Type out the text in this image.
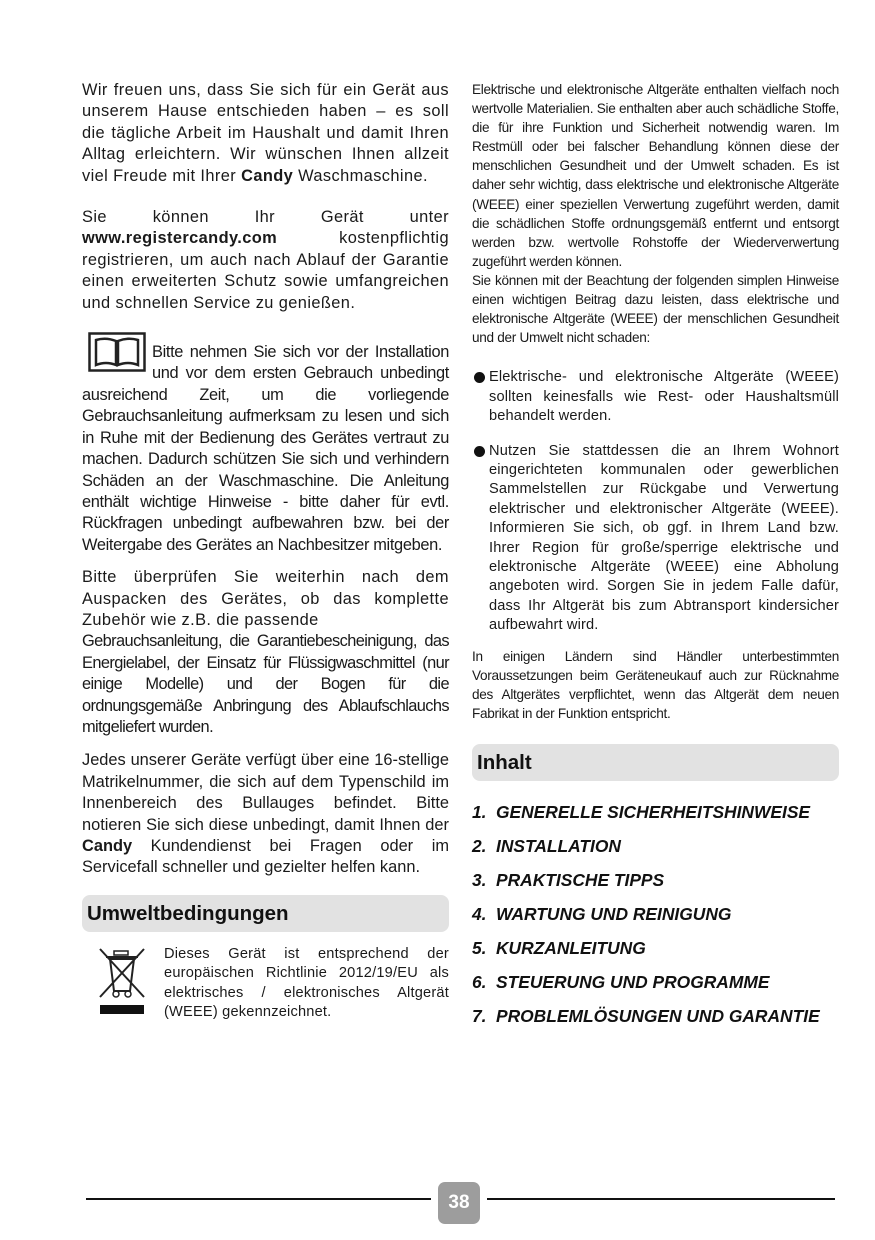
Wir freuen uns, dass Sie sich für ein Gerät aus unserem Hause entschieden haben – es soll die tägliche Arbeit im Haushalt und damit Ihren Alltag erleichtern. Wir wünschen Ihnen allzeit viel Freude mit Ihrer Candy Waschmaschine.

Sie können Ihr Gerät unter www.registercandy.com kostenpflichtig registrieren, um auch nach Ablauf der Garantie einen erweiterten Schutz sowie umfangreichen und schnellen Service zu genießen.

Bitte nehmen Sie sich vor der Installation und vor dem ersten Gebrauch unbedingt ausreichend Zeit, um die vorliegende Gebrauchsanleitung aufmerksam zu lesen und sich in Ruhe mit der Bedienung des Gerätes vertraut zu machen. Dadurch schützen Sie sich und verhindern Schäden an der Waschmaschine. Die Anleitung enthält wichtige Hinweise - bitte daher für evtl. Rückfragen unbedingt aufbewahren bzw. bei der Weitergabe des Gerätes an Nachbesitzer mitgeben.

Bitte überprüfen Sie weiterhin nach dem Auspacken des Gerätes, ob das komplette Zubehör wie z.B. die passende

Gebrauchsanleitung, die Garantiebescheinigung, das Energielabel, der Einsatz für Flüssigwaschmittel (nur einige Modelle) und der Bogen für die ordnungsgemäße Anbringung des Ablaufschlauchs mitgeliefert wurden.

Jedes unserer Geräte verfügt über eine 16-stellige Matrikelnummer, die sich auf dem Typenschild im Innenbereich des Bullauges befindet. Bitte notieren Sie sich diese unbedingt, damit Ihnen der Candy Kundendienst bei Fragen oder im Servicefall schneller und gezielter helfen kann.

Umweltbedingungen

Dieses Gerät ist entsprechend der europäischen Richtlinie 2012/19/EU als elektrisches / elektronisches Altgerät (WEEE) gekennzeichnet.

Elektrische und elektronische Altgeräte enthalten vielfach noch wertvolle Materialien. Sie enthalten aber auch schädliche Stoffe, die für ihre Funktion und Sicherheit notwendig waren. Im Restmüll oder bei falscher Behandlung können diese der menschlichen Gesundheit und der Umwelt schaden. Es ist daher sehr wichtig, dass elektrische und elektronische Altgeräte (WEEE) einer speziellen Verwertung zugeführt werden, damit die schädlichen Stoffe ordnungsgemäß entfernt und entsorgt werden bzw. wertvolle Rohstoffe der Wiederverwertung zugeführt werden können.

Sie können mit der Beachtung der folgenden simplen Hinweise einen wichtigen Beitrag dazu leisten, dass elektrische und elektronische Altgeräte (WEEE) der menschlichen Gesundheit und der Umwelt nicht schaden:

Elektrische- und elektronische Altgeräte (WEEE) sollten keinesfalls wie Rest- oder Haushaltsmüll behandelt werden.

Nutzen Sie stattdessen die an Ihrem Wohnort eingerichteten kommunalen oder gewerblichen Sammelstellen zur Rückgabe und Verwertung elektrischer und elektronischer Altgeräte (WEEE). Informieren Sie sich, ob ggf. in Ihrem Land bzw. Ihrer Region für große/sperrige elektrische und elektronische Altgeräte (WEEE) eine Abholung angeboten wird. Sorgen Sie in jedem Falle dafür, dass Ihr Altgerät bis zum Abtransport kindersicher aufbewahrt wird.

In einigen Ländern sind Händler unterbestimmten Voraussetzungen beim Geräteneukauf auch zur Rücknahme des Altgerätes verpflichtet, wenn das Altgerät dem neuen Fabrikat in der Funktion entspricht.

Inhalt
1. GENERELLE SICHERHEITSHINWEISE
2. INSTALLATION
3. PRAKTISCHE TIPPS
4. WARTUNG UND REINIGUNG
5. KURZANLEITUNG
6. STEUERUNG UND PROGRAMME
7. PROBLEMLÖSUNGEN UND GARANTIE
38
